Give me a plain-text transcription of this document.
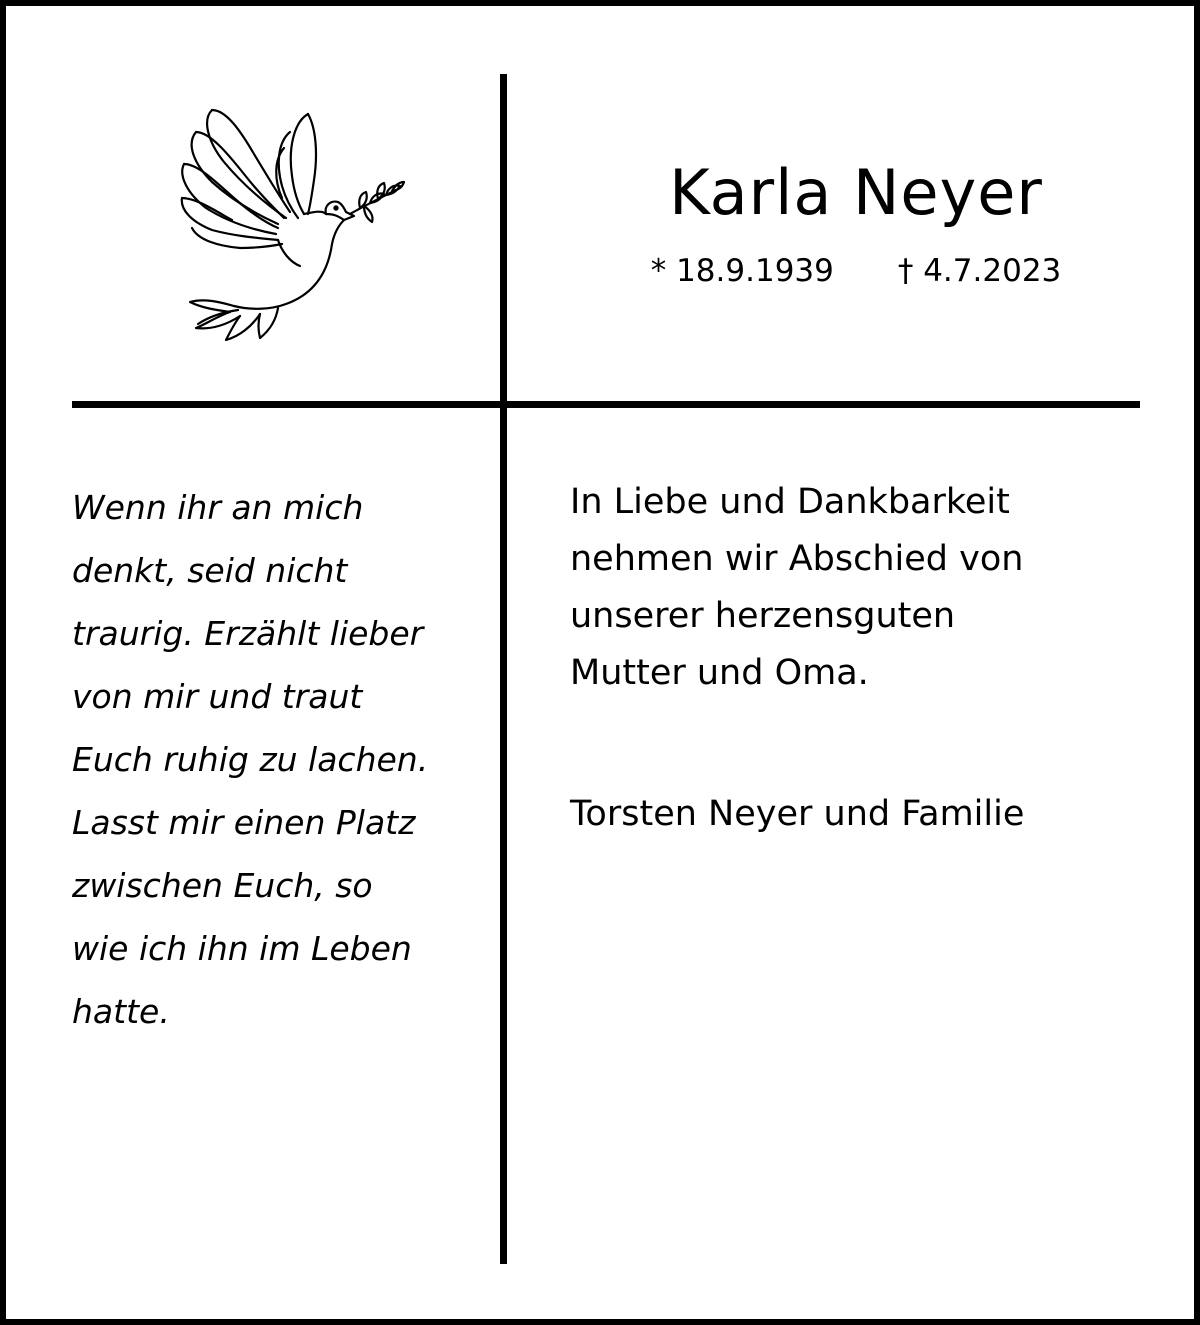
Karla Neyer
* 18.9.1939 † 4.7.2023
Wenn ihr an mich
denkt, seid nicht
traurig. Erzählt lieber
von mir und traut
Euch ruhig zu lachen.
Lasst mir einen Platz
zwischen Euch, so
wie ich ihn im Leben
hatte.
In Liebe und Dankbarkeit
nehmen wir Abschied von
unserer herzensguten
Mutter und Oma.
Torsten Neyer und Familie
